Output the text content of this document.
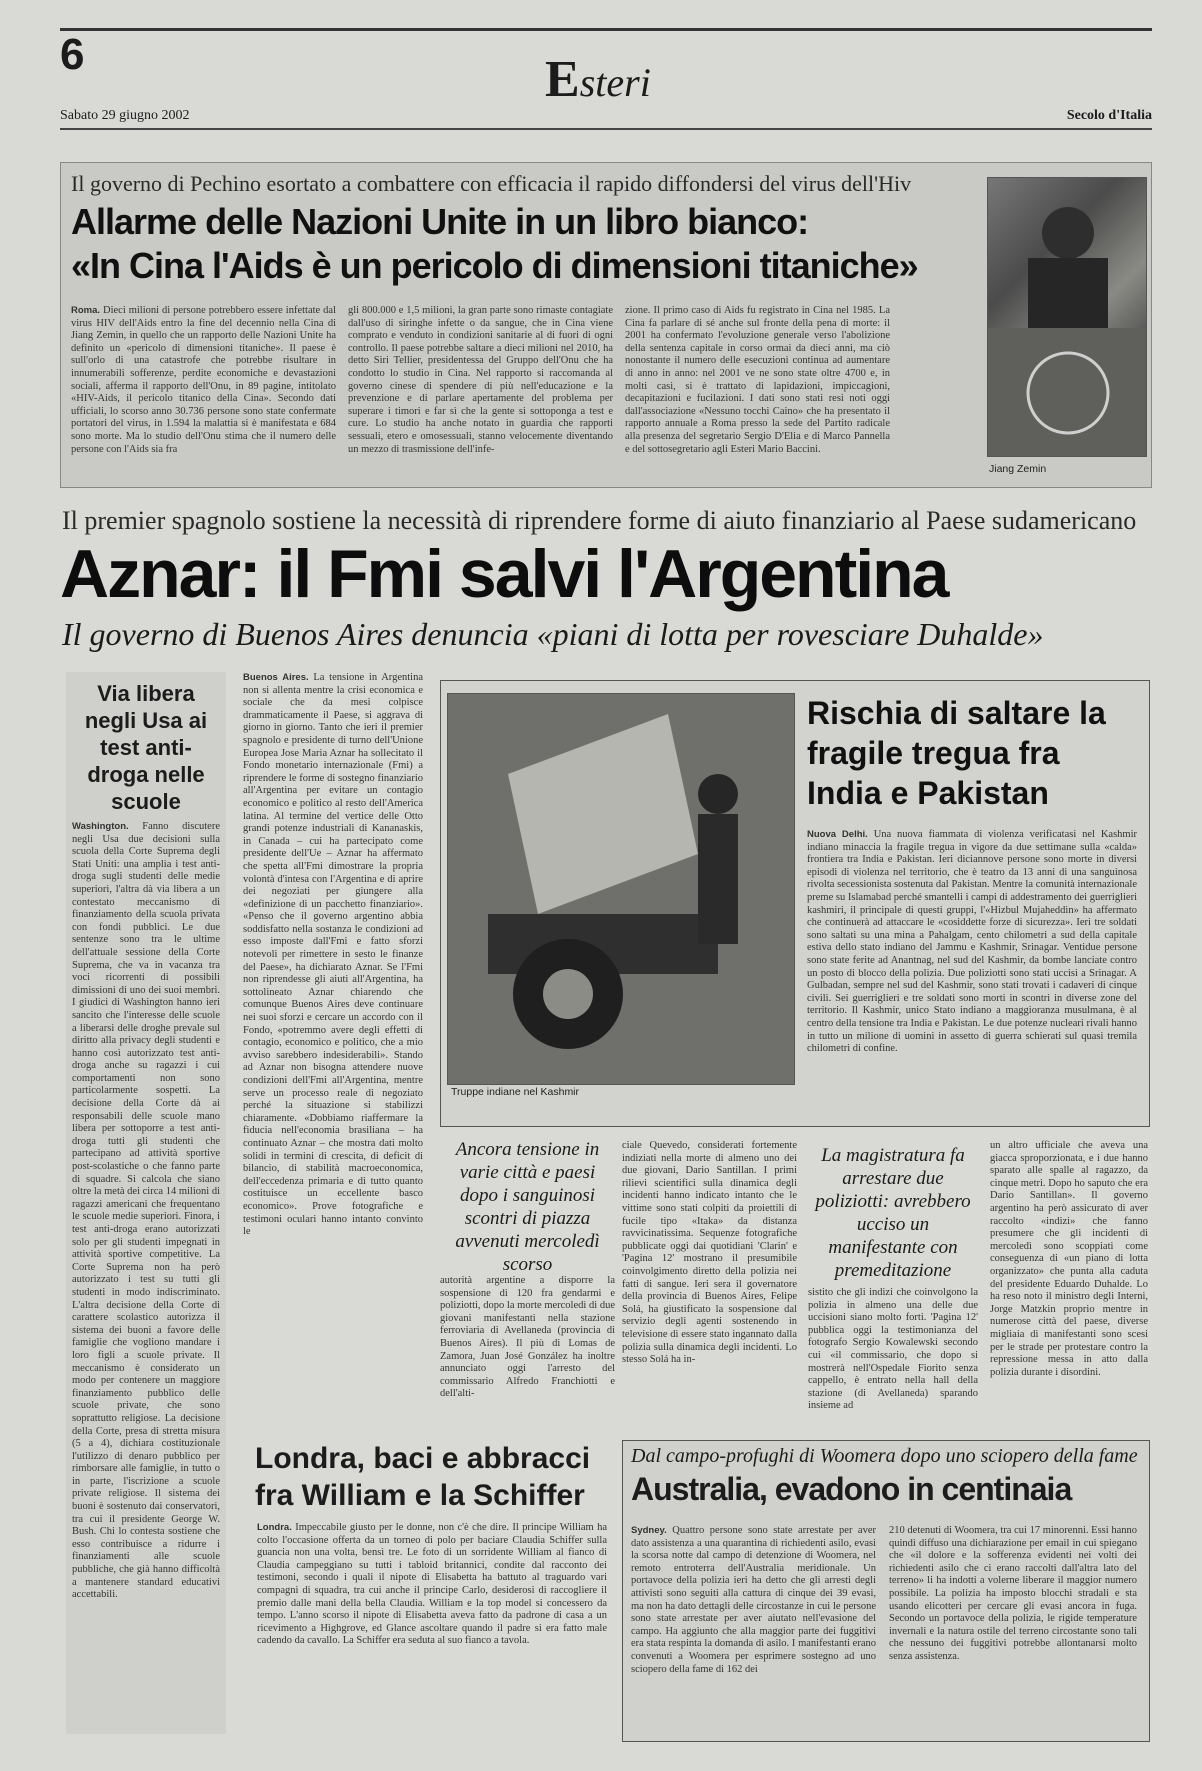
6	Esteri
Sabato 29 giugno 2002	Secolo d'Italia
Il governo di Pechino esortato a combattere con efficacia il rapido diffondersi del virus dell'Hiv
Allarme delle Nazioni Unite in un libro bianco:
«In Cina l'Aids è un pericolo di dimensioni titaniche»
Roma. Dieci milioni di persone potrebbero essere infettate dal virus HIV dell'Aids entro la fine del decennio nella Cina di Jiang Zemin, in quello che un rapporto delle Nazioni Unite ha definito un «pericolo di dimensioni titaniche». Il paese è sull'orlo di una catastrofe che potrebbe risultare in innumerabili sofferenze, perdite economiche e devastazioni sociali, afferma il rapporto dell'Onu, in 89 pagine, intitolato «HIV-Aids, il pericolo titanico della Cina». Secondo dati ufficiali, lo scorso anno 30.736 persone sono state confermate portatori del virus, in 1.594 la malattia si è manifestata e 684 sono morte. Ma lo studio dell'Onu stima che il numero delle persone con l'Aids sia fra
gli 800.000 e 1,5 milioni, la gran parte sono rimaste contagiate dall'uso di siringhe infette o da sangue, che in Cina viene comprato e venduto in condizioni sanitarie al di fuori di ogni controllo. Il paese potrebbe saltare a dieci milioni nel 2010, ha detto Siri Tellier, presidentessa del Gruppo dell'Onu che ha condotto lo studio in Cina. Nel rapporto si raccomanda al governo cinese di spendere di più nell'educazione e la prevenzione e di parlare apertamente del problema per superare i timori e far sì che la gente si sottoponga a test e cure. Lo studio ha anche notato in guardia che rapporti sessuali, etero e omosessuali, stanno velocemente diventando un mezzo di trasmissione dell'infe-
zione. Il primo caso di Aids fu registrato in Cina nel 1985. La Cina fa parlare di sé anche sul fronte della pena di morte: il 2001 ha confermato l'evoluzione generale verso l'abolizione della sentenza capitale in corso ormai da dieci anni, ma ciò nonostante il numero delle esecuzioni continua ad aumentare di anno in anno: nel 2001 ve ne sono state oltre 4700 e, in molti casi, si è trattato di lapidazioni, impiccagioni, decapitazioni e fucilazioni. I dati sono stati resi noti oggi dall'associazione «Nessuno tocchi Caino» che ha presentato il rapporto annuale a Roma presso la sede del Partito radicale alla presenza del segretario Sergio D'Elia e di Marco Pannella e del sottosegretario agli Esteri Mario Baccini.
Jiang Zemin
Il premier spagnolo sostiene la necessità di riprendere forme di aiuto finanziario al Paese sudamericano
Aznar: il Fmi salvi l'Argentina
Il governo di Buenos Aires denuncia «piani di lotta per rovesciare Duhalde»
Via libera negli Usa ai test anti-droga nelle scuole
Washington. Fanno discutere negli Usa due decisioni sulla scuola della Corte Suprema degli Stati Uniti: una amplia i test anti-droga sugli studenti delle medie superiori, l'altra dà via libera a un contestato meccanismo di finanziamento della scuola privata con fondi pubblici. Le due sentenze sono tra le ultime dell'attuale sessione della Corte Suprema, che va in vacanza tra voci ricorrenti di possibili dimissioni di uno dei suoi membri. I giudici di Washington hanno ieri sancito che l'interesse delle scuole a liberarsi delle droghe prevale sul diritto alla privacy degli studenti e hanno così autorizzato test anti-droga anche su ragazzi i cui comportamenti non sono particolarmente sospetti. La decisione della Corte dà ai responsabili delle scuole mano libera per sottoporre a test anti-droga tutti gli studenti che partecipano ad attività sportive post-scolastiche o che fanno parte di squadre. Si calcola che siano oltre la metà dei circa 14 milioni di ragazzi americani che frequentano le scuole medie superiori. Finora, i test anti-droga erano autorizzati solo per gli studenti impegnati in attività sportive competitive. La Corte Suprema non ha però autorizzato i test su tutti gli studenti in modo indiscriminato. L'altra decisione della Corte di carattere scolastico autorizza il sistema dei buoni a favore delle famiglie che vogliono mandare i loro figli a scuole private. Il meccanismo è considerato un modo per contenere un maggiore finanziamento pubblico delle scuole private, che sono soprattutto religiose. La decisione della Corte, presa di stretta misura (5 a 4), dichiara costituzionale l'utilizzo di denaro pubblico per rimborsare alle famiglie, in tutto o in parte, l'iscrizione a scuole private religiose. Il sistema dei buoni è sostenuto dai conservatori, tra cui il presidente George W. Bush. Chi lo contesta sostiene che esso contribuisce a ridurre i finanziamenti alle scuole pubbliche, che già hanno difficoltà a mantenere standard educativi accettabili.
Buenos Aires. La tensione in Argentina non si allenta mentre la crisi economica e sociale che da mesi colpisce drammaticamente il Paese, si aggrava di giorno in giorno. Tanto che ieri il premier spagnolo e presidente di turno dell'Unione Europea Jose Maria Aznar ha sollecitato il Fondo monetario internazionale (Fmi) a riprendere le forme di sostegno finanziario all'Argentina per evitare un contagio economico e politico al resto dell'America latina. Al termine del vertice delle Otto grandi potenze industriali di Kananaskis, in Canada – cui ha partecipato come presidente dell'Ue – Aznar ha affermato che spetta all'Fmi dimostrare la propria volontà d'intesa con l'Argentina e di aprire dei negoziati per giungere alla «definizione di un pacchetto finanziario». «Penso che il governo argentino abbia soddisfatto nella sostanza le condizioni ad esso imposte dall'Fmi e fatto sforzi notevoli per rimettere in sesto le finanze del Paese», ha dichiarato Aznar. Se l'Fmi non riprendesse gli aiuti all'Argentina, ha sottolineato Aznar chiarendo che comunque Buenos Aires deve continuare nei suoi sforzi e cercare un accordo con il Fondo, «potremmo avere degli effetti di contagio, economico e politico, che a mio avviso sarebbero indesiderabili». Stando ad Aznar non bisogna attendere nuove condizioni dell'Fmi all'Argentina, mentre serve un processo reale di negoziato perché la situazione si stabilizzi chiaramente. «Dobbiamo riaffermare la fiducia nell'economia brasiliana – ha continuato Aznar – che mostra dati molto solidi in termini di crescita, di deficit di bilancio, di stabilità macroeconomica, dell'eccedenza primaria e di tutto quanto costituisce un eccellente basco economico». Prove fotografiche e testimoni oculari hanno intanto convinto le
Truppe indiane nel Kashmir
Rischia di saltare la fragile tregua fra India e Pakistan
Nuova Delhi. Una nuova fiammata di violenza verificatasi nel Kashmir indiano minaccia la fragile tregua in vigore da due settimane sulla «calda» frontiera tra India e Pakistan. Ieri diciannove persone sono morte in diversi episodi di violenza nel territorio, che è teatro da 13 anni di una sanguinosa rivolta secessionista sostenuta dal Pakistan. Mentre la comunità internazionale preme su Islamabad perché smantelli i campi di addestramento dei guerriglieri kashmiri, il principale di questi gruppi, l'«Hizbul Mujaheddin» ha affermato che continuerà ad attaccare le «cosiddette forze di sicurezza». Ieri tre soldati sono saltati su una mina a Pahalgam, cento chilometri a sud della capitale estiva dello stato indiano del Jammu e Kashmir, Srinagar. Ventidue persone sono state ferite ad Anantnag, nel sud del Kashmir, da bombe lanciate contro un posto di blocco della polizia. Due poliziotti sono stati uccisi a Srinagar. A Gulbadan, sempre nel sud del Kashmir, sono stati trovati i cadaveri di cinque civili. Sei guerriglieri e tre soldati sono morti in scontri in diverse zone del territorio. Il Kashmir, unico Stato indiano a maggioranza musulmana, è al centro della tensione tra India e Pakistan. Le due potenze nucleari rivali hanno in tutto un milione di uomini in assetto di guerra schierati sul quasi tremila chilometri di confine.
Ancora tensione in varie città e paesi dopo i sanguinosi scontri di piazza avvenuti mercoledì scorso
autorità argentine a disporre la sospensione di 120 fra gendarmi e poliziotti, dopo la morte mercoledì di due giovani manifestanti nella stazione ferroviaria di Avellaneda (provincia di Buenos Aires). Il più di Lomas de Zamora, Juan José González ha inoltre annunciato oggi l'arresto del commissario Alfredo Franchiotti e dell'alti-
ciale Quevedo, considerati fortemente indiziati nella morte di almeno uno dei due giovani, Dario Santillan. I primi rilievi scientifici sulla dinamica degli incidenti hanno indicato intanto che le vittime sono stati colpiti da proiettili di fucile tipo «Itaka» da distanza ravvicinatissima. Sequenze fotografiche pubblicate oggi dai quotidiani 'Clarin' e 'Pagina 12' mostrano il presumibile coinvolgimento diretto della polizia nei fatti di sangue. Ieri sera il governatore della provincia di Buenos Aires, Felipe Solá, ha giustificato la sospensione dal servizio degli agenti sostenendo in televisione di essere stato ingannato dalla polizia sulla dinamica degli incidenti. Lo stesso Solá ha in-
La magistratura fa arrestare due poliziotti: avrebbero ucciso un manifestante con premeditazione
sistito che gli indizi che coinvolgono la polizia in almeno una delle due uccisioni siano molto forti. 'Pagina 12' pubblica oggi la testimonianza del fotografo Sergio Kowalewski secondo cui «il commissario, che dopo si mostrerà nell'Ospedale Fiorito senza cappello, è entrato nella hall della stazione (di Avellaneda) sparando insieme ad
un altro ufficiale che aveva una giacca sproporzionata, e i due hanno sparato alle spalle al ragazzo, da cinque metri. Dopo ho saputo che era Dario Santillan». Il governo argentino ha però assicurato di aver raccolto «indizi» che fanno presumere che gli incidenti di mercoledì sono scoppiati come conseguenza di «un piano di lotta organizzato» che punta alla caduta del presidente Eduardo Duhalde. Lo ha reso noto il ministro degli Interni, Jorge Matzkin proprio mentre in numerose città del paese, diverse migliaia di manifestanti sono scesi per le strade per protestare contro la repressione messa in atto dalla polizia durante i disordini.
Londra, baci e abbracci fra William e la Schiffer
Londra. Impeccabile giusto per le donne, non c'è che dire. Il principe William ha colto l'occasione offerta da un torneo di polo per baciare Claudia Schiffer sulla guancia non una volta, bensì tre. Le foto di un sorridente William al fianco di Claudia campeggiano su tutti i tabloid britannici, condite dal racconto dei testimoni, secondo i quali il nipote di Elisabetta ha battuto al traguardo vari compagni di squadra, tra cui anche il principe Carlo, desiderosi di raccogliere il premio dalle mani della bella Claudia. William e la top model si concessero da tempo. L'anno scorso il nipote di Elisabetta aveva fatto da padrone di casa a un ricevimento a Highgrove, ed Glance ascoltare quando il padre si era fatto male cadendo da cavallo. La Schiffer era seduta al suo fianco a tavola.
Dal campo-profughi di Woomera dopo uno sciopero della fame
Australia, evadono in centinaia
Sydney. Quattro persone sono state arrestate per aver dato assistenza a una quarantina di richiedenti asilo, evasi la scorsa notte dal campo di detenzione di Woomera, nel remoto entroterra dell'Australia meridionale. Un portavoce della polizia ieri ha detto che gli arresti degli attivisti sono seguiti alla cattura di cinque dei 39 evasi, ma non ha dato dettagli delle circostanze in cui le persone sono state arrestate per aver aiutato nell'evasione del campo. Ha aggiunto che alla maggior parte dei fuggitivi era stata respinta la domanda di asilo. I manifestanti erano convenuti a Woomera per esprimere sostegno ad uno sciopero della fame di 162 dei
210 detenuti di Woomera, tra cui 17 minorenni. Essi hanno quindi diffuso una dichiarazione per email in cui spiegano che «il dolore e la sofferenza evidenti nei volti dei richiedenti asilo che ci erano raccolti dall'altra lato del terreno» li ha indotti a volerne liberare il maggior numero possibile. La polizia ha imposto blocchi stradali e sta usando elicotteri per cercare gli evasi ancora in fuga. Secondo un portavoce della polizia, le rigide temperature invernali e la natura ostile del terreno circostante sono tali che nessuno dei fuggitivi potrebbe allontanarsi molto senza assistenza.
